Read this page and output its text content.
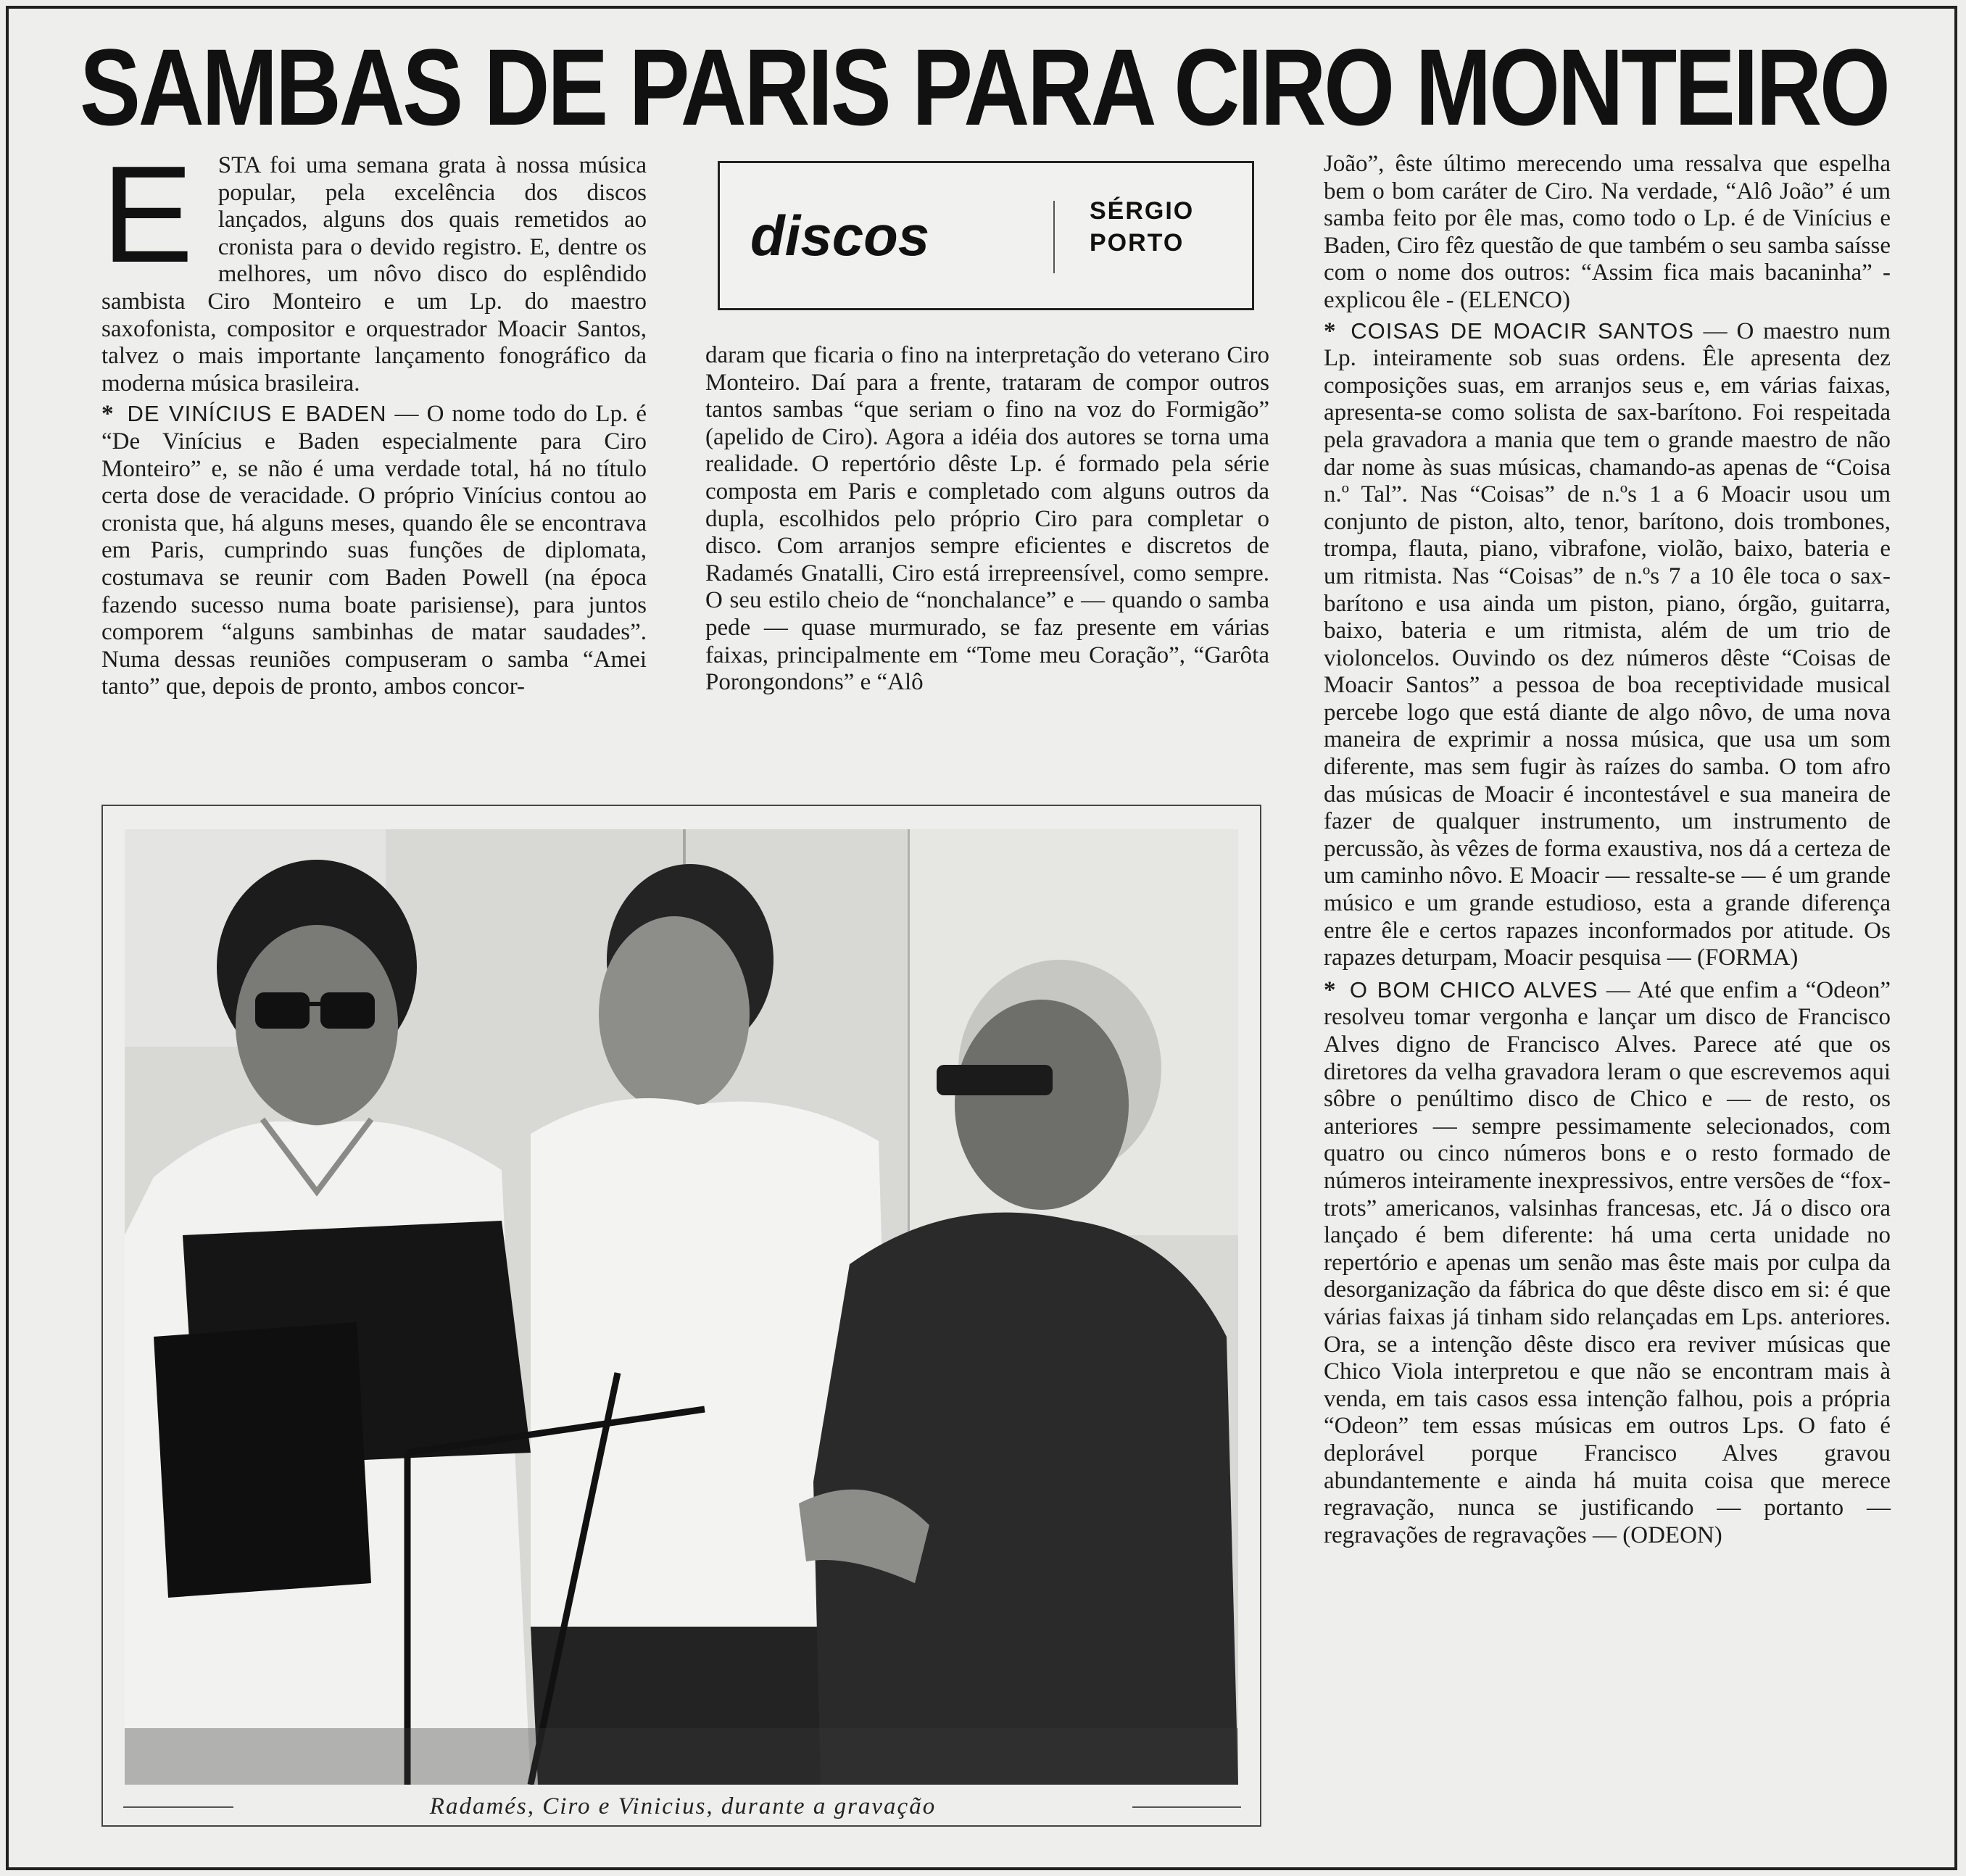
SAMBAS DE PARIS PARA CIRO MONTEIRO

E STA foi uma semana grata à nossa música popular, pela excelência dos discos lançados, alguns dos quais remetidos ao cronista para o devido registro. E, dentre os melhores, um nôvo disco do esplêndido sambista Ciro Monteiro e um Lp. do maestro saxofonista, compositor e orquestrador Moacir Santos, talvez o mais importante lançamento fonográfico da moderna música brasileira.

* DE VINÍCIUS E BADEN — O nome todo do Lp. é “De Vinícius e Baden especialmente para Ciro Monteiro” e, se não é uma verdade total, há no título certa dose de veracidade. O próprio Vinícius contou ao cronista que, há alguns meses, quando êle se encontrava em Paris, cumprindo suas funções de diplomata, costumava se reunir com Baden Powell (na época fazendo sucesso numa boate parisiense), para juntos comporem “alguns sambinhas de matar saudades”. Numa dessas reuniões compuseram o samba “Amei tanto” que, depois de pronto, ambos concor-

discos	SÉRGIO
PORTO

daram que ficaria o fino na interpretação do veterano Ciro Monteiro. Daí para a frente, trataram de compor outros tantos sambas “que seriam o fino na voz do Formigão” (apelido de Ciro). Agora a idéia dos autores se torna uma realidade. O repertório dêste Lp. é formado pela série composta em Paris e completado com alguns outros da dupla, escolhidos pelo próprio Ciro para completar o disco. Com arranjos sempre eficientes e discretos de Radamés Gnatalli, Ciro está irrepreensível, como sempre. O seu estilo cheio de “nonchalance” e — quando o samba pede — quase murmurado, se faz presente em várias faixas, principalmente em “Tome meu Coração”, “Garôta Porongondons” e “Alô

João”, êste último merecendo uma ressalva que espelha bem o bom caráter de Ciro. Na verdade, “Alô João” é um samba feito por êle mas, como todo o Lp. é de Vinícius e Baden, Ciro fêz questão de que também o seu samba saísse com o nome dos outros: “Assim fica mais bacaninha” - explicou êle - (ELENCO)

* COISAS DE MOACIR SANTOS — O maestro num Lp. inteiramente sob suas ordens. Êle apresenta dez composições suas, em arranjos seus e, em várias faixas, apresenta-se como solista de sax-barítono. Foi respeitada pela gravadora a mania que tem o grande maestro de não dar nome às suas músicas, chamando-as apenas de “Coisa n.º Tal”. Nas “Coisas” de n.ºs 1 a 6 Moacir usou um conjunto de piston, alto, tenor, barítono, dois trombones, trompa, flauta, piano, vibrafone, violão, baixo, bateria e um ritmista. Nas “Coisas” de n.ºs 7 a 10 êle toca o sax-barítono e usa ainda um piston, piano, órgão, guitarra, baixo, bateria e um ritmista, além de um trio de violoncelos. Ouvindo os dez números dêste “Coisas de Moacir Santos” a pessoa de boa receptividade musical percebe logo que está diante de algo nôvo, de uma nova maneira de exprimir a nossa música, que usa um som diferente, mas sem fugir às raízes do samba. O tom afro das músicas de Moacir é incontestável e sua maneira de fazer de qualquer instrumento, um instrumento de percussão, às vêzes de forma exaustiva, nos dá a certeza de um caminho nôvo. E Moacir — ressalte-se — é um grande músico e um grande estudioso, esta a grande diferença entre êle e certos rapazes inconformados por atitude. Os rapazes deturpam, Moacir pesquisa — (FORMA)

* O BOM CHICO ALVES — Até que enfim a “Odeon” resolveu tomar vergonha e lançar um disco de Francisco Alves digno de Francisco Alves. Parece até que os diretores da velha gravadora leram o que escrevemos aqui sôbre o penúltimo disco de Chico e — de resto, os anteriores — sempre pessimamente selecionados, com quatro ou cinco números bons e o resto formado de números inteiramente inexpressivos, entre versões de “fox-trots” americanos, valsinhas francesas, etc. Já o disco ora lançado é bem diferente: há uma certa unidade no repertório e apenas um senão mas êste mais por culpa da desorganização da fábrica do que dêste disco em si: é que várias faixas já tinham sido relançadas em Lps. anteriores. Ora, se a intenção dêste disco era reviver músicas que Chico Viola interpretou e que não se encontram mais à venda, em tais casos essa intenção falhou, pois a própria “Odeon” tem essas músicas em outros Lps. O fato é deplorável porque Francisco Alves gravou abundantemente e ainda há muita coisa que merece regravação, nunca se justificando — portanto — regravações de regravações — (ODEON)

Radamés, Ciro e Vinicius, durante a gravação
